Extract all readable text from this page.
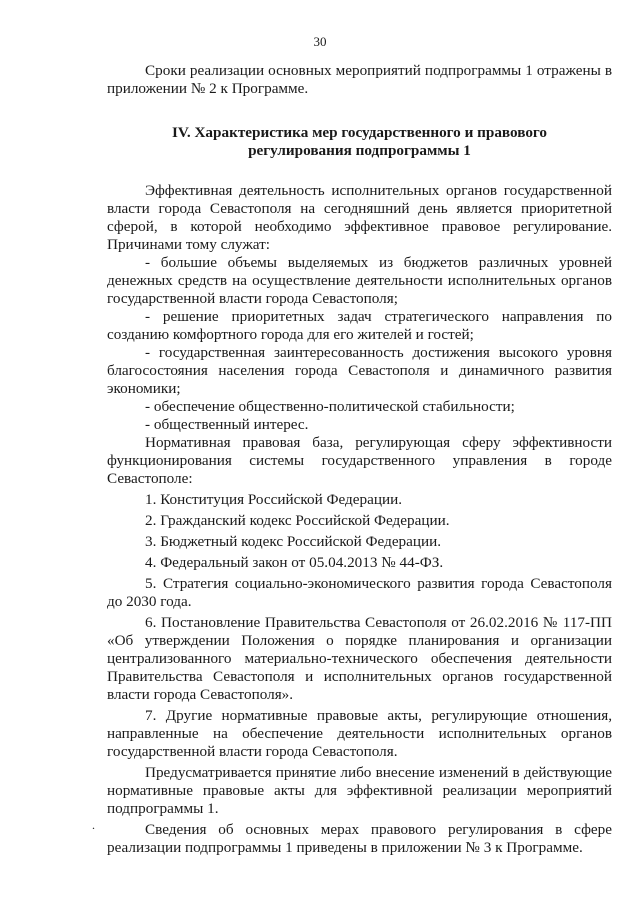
30

Сроки реализации основных мероприятий подпрограммы 1 отражены в приложении № 2 к Программе.

IV. Характеристика мер государственного и правового
регулирования подпрограммы 1

Эффективная деятельность исполнительных органов государственной власти города Севастополя на сегодняшний день является приоритетной сферой, в которой необходимо эффективное правовое регулирование. Причинами тому служат:

- большие объемы выделяемых из бюджетов различных уровней денежных средств на осуществление деятельности исполнительных органов государственной власти города Севастополя;

- решение приоритетных задач стратегического направления по созданию комфортного города для его жителей и гостей;

- государственная заинтересованность достижения высокого уровня благосостояния населения города Севастополя и динамичного развития экономики;

- обеспечение общественно-политической стабильности;

- общественный интерес.

Нормативная правовая база, регулирующая сферу эффективности функционирования системы государственного управления в городе Севастополе:

1. Конституция Российской Федерации.

2. Гражданский кодекс Российской Федерации.

3. Бюджетный кодекс Российской Федерации.

4. Федеральный закон от 05.04.2013 № 44-ФЗ.

5. Стратегия социально-экономического развития города Севастополя до 2030 года.

6. Постановление Правительства Севастополя от 26.02.2016 № 117-ПП «Об утверждении Положения о порядке планирования и организации централизованного материально-технического обеспечения деятельности Правительства Севастополя и исполнительных органов государственной власти города Севастополя».

7. Другие нормативные правовые акты, регулирующие отношения, направленные на обеспечение деятельности исполнительных органов государственной власти города Севастополя.

Предусматривается принятие либо внесение изменений в действующие нормативные правовые акты для эффективной реализации мероприятий подпрограммы 1.

Сведения об основных мерах правового регулирования в сфере реализации подпрограммы 1 приведены в приложении № 3 к Программе.

.
